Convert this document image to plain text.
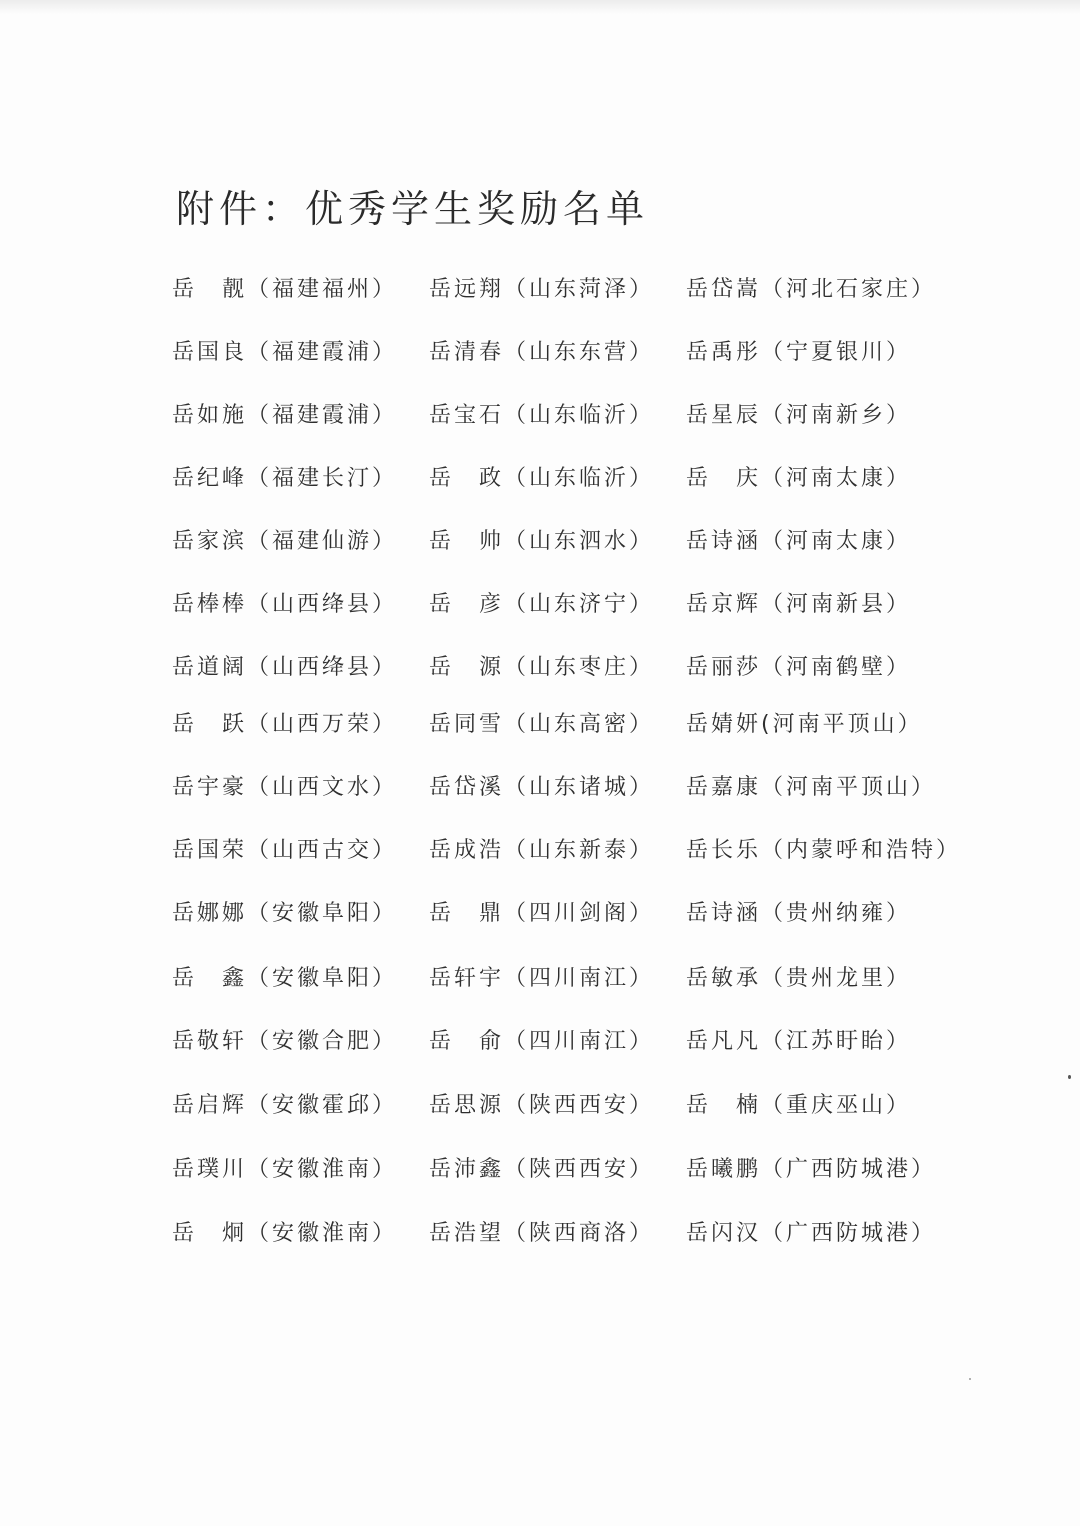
附件：优秀学生奖励名单
岳　靓（福建福州） 岳远翔（山东菏泽） 岳岱嵩（河北石家庄）
岳国良（福建霞浦） 岳清春（山东东营） 岳禹彤（宁夏银川）
岳如施（福建霞浦） 岳宝石（山东临沂） 岳星辰（河南新乡）
岳纪峰（福建长汀） 岳　政（山东临沂） 岳　庆（河南太康）
岳家滨（福建仙游） 岳　帅（山东泗水） 岳诗涵（河南太康）
岳棒棒（山西绛县） 岳　彦（山东济宁） 岳京辉（河南新县）
岳道阔（山西绛县） 岳　源（山东枣庄） 岳丽莎（河南鹤壁）
岳　跃（山西万荣） 岳同雪（山东高密） 岳婧妍(河南平顶山）
岳宇豪（山西文水） 岳岱溪（山东诸城） 岳嘉康（河南平顶山）
岳国荣（山西古交） 岳成浩（山东新泰） 岳长乐（内蒙呼和浩特）
岳娜娜（安徽阜阳） 岳　鼎（四川剑阁） 岳诗涵（贵州纳雍）
岳　鑫（安徽阜阳） 岳轩宇（四川南江） 岳敏承（贵州龙里）
岳敬轩（安徽合肥） 岳　俞（四川南江） 岳凡凡（江苏盱眙）
岳启辉（安徽霍邱） 岳思源（陕西西安） 岳　楠（重庆巫山）
岳璞川（安徽淮南） 岳沛鑫（陕西西安） 岳曦鹏（广西防城港）
岳　炯（安徽淮南） 岳浩望（陕西商洛） 岳闪汉（广西防城港）
